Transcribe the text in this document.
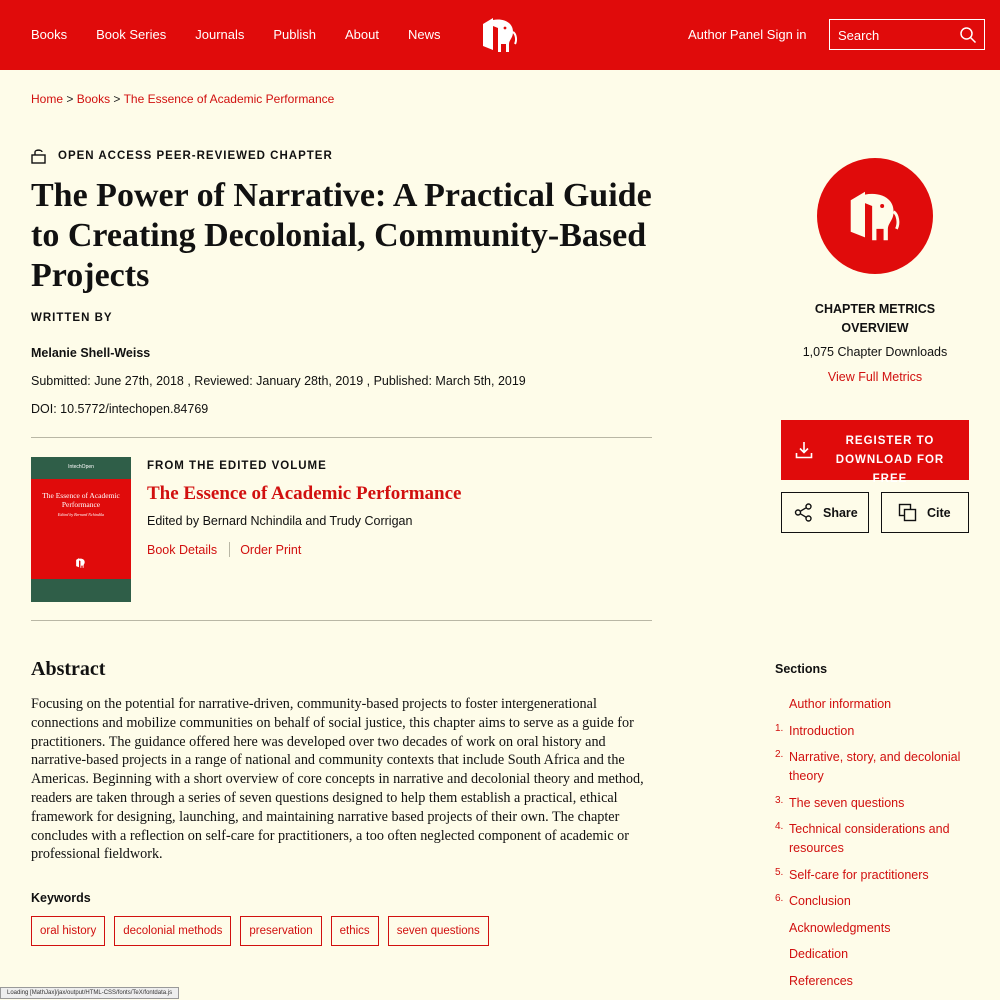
Books Book Series Journals Publish About News	Author Panel Sign in	Search
Home > Books > The Essence of Academic Performance
OPEN ACCESS PEER-REVIEWED CHAPTER
The Power of Narrative: A Practical Guide to Creating Decolonial, Community-Based Projects
WRITTEN BY
Melanie Shell-Weiss
Submitted: June 27th, 2018 , Reviewed: January 28th, 2019 , Published: March 5th, 2019
DOI: 10.5772/intechopen.84769
IntechOpen
The Essence of Academic Performance
Edited by Bernard Nchindila
FROM THE EDITED VOLUME
The Essence of Academic Performance
Edited by Bernard Nchindila and Trudy Corrigan
Book Details Order Print
Abstract

Focusing on the potential for narrative-driven, community-based projects to foster intergenerational connections and mobilize communities on behalf of social justice, this chapter aims to serve as a guide for practitioners. The guidance offered here was developed over two decades of work on oral history and narrative-based projects in a range of national and community contexts that include South Africa and the Americas. Beginning with a short overview of core concepts in narrative and decolonial theory and method, readers are taken through a series of seven questions designed to help them establish a practical, ethical framework for designing, launching, and maintaining narrative based projects of their own. The chapter concludes with a reflection on self-care for practitioners, a too often neglected component of academic or professional fieldwork.

Keywords
oral history	decolonial methods	preservation	ethics	seven questions
Loading [MathJax]/jax/output/HTML-CSS/fonts/TeX/fontdata.js
CHAPTER METRICS
OVERVIEW
1,075 Chapter Downloads
View Full Metrics
REGISTER TO
DOWNLOAD FOR FREE
Share	Cite
Sections
Author information
1. Introduction
2. Narrative, story, and decolonial theory
3. The seven questions
4. Technical considerations and resources
5. Self-care for practitioners
6. Conclusion
Acknowledgments
Dedication
References
